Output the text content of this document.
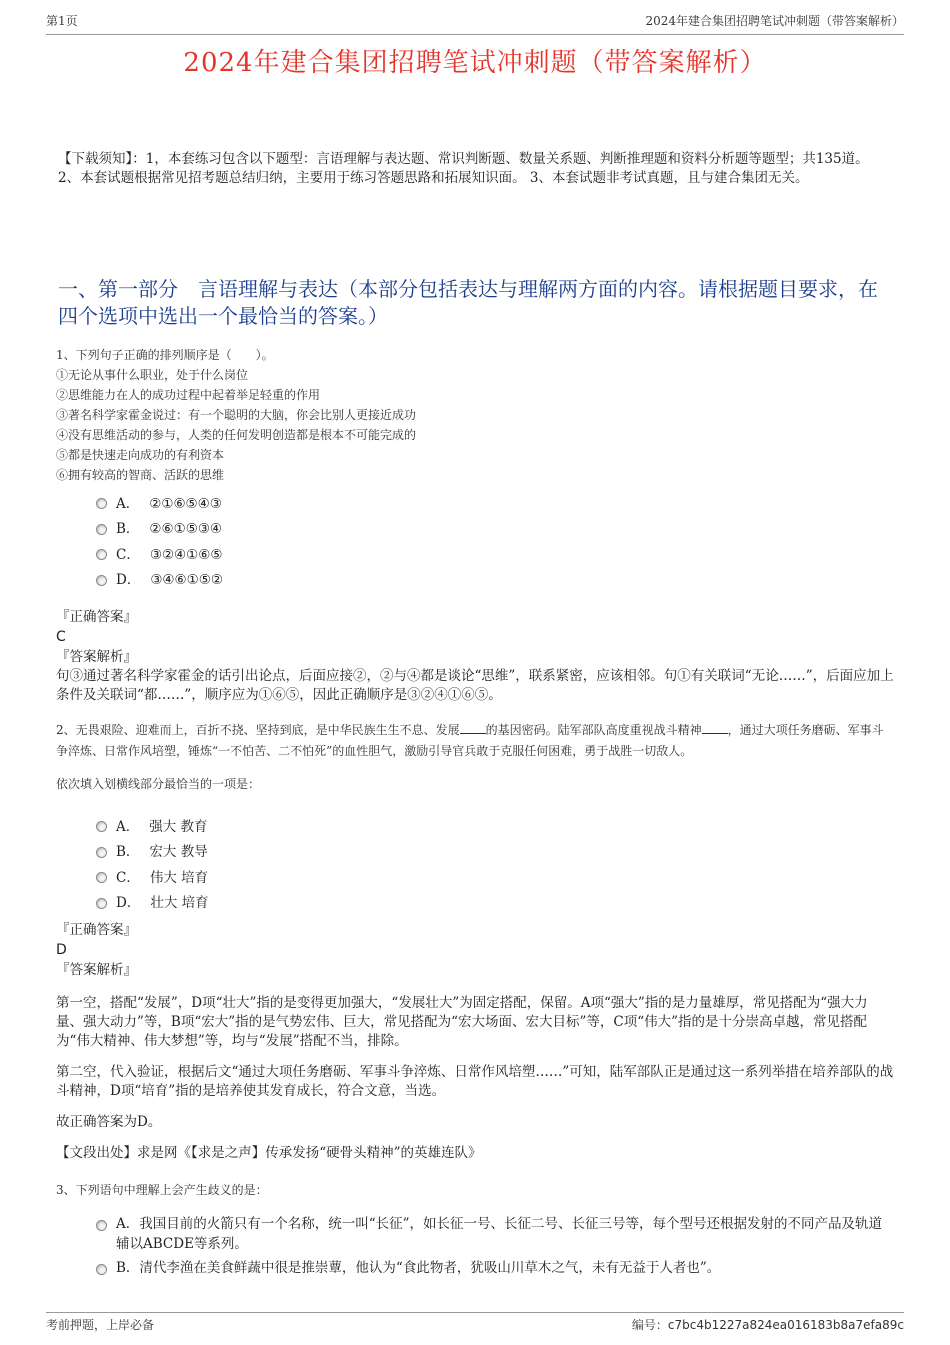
第1页	2024年建合集团招聘笔试冲刺题（带答案解析）
2024年建合集团招聘笔试冲刺题（带答案解析）
【下载须知】：1，本套练习包含以下题型：言语理解与表达题、常识判断题、数量关系题、判断推理题和资料分析题等题型；共135道。 2、本套试题根据常见招考题总结归纳，主要用于练习答题思路和拓展知识面。 3、本套试题非考试真题，且与建合集团无关。
一、第一部分　言语理解与表达（本部分包括表达与理解两方面的内容。请根据题目要求，在四个选项中选出一个最恰当的答案。）

1、下列句子正确的排列顺序是（　　）。

①无论从事什么职业，处于什么岗位

②思维能力在人的成功过程中起着举足轻重的作用

③著名科学家霍金说过：有一个聪明的大脑，你会比别人更接近成功

④没有思维活动的参与，人类的任何发明创造都是根本不可能完成的

⑤都是快速走向成功的有利资本

⑥拥有较高的智商、活跃的思维

A． ②①⑥⑤④③
B． ②⑥①⑤③④
C． ③②④①⑥⑤
D． ③④⑥①⑤②
『正确答案』
C
『答案解析』
句③通过著名科学家霍金的话引出论点，后面应接②，②与④都是谈论“思维”，联系紧密，应该相邻。句①有关联词“无论……”，后面应加上条件及关联词“都……”，顺序应为①⑥⑤，因此正确顺序是③②④①⑥⑤。

2、无畏艰险、迎难而上，百折不挠、坚持到底，是中华民族生生不息、发展 的基因密码。陆军部队高度重视战斗精神 ，通过大项任务磨砺、军事斗争淬炼、日常作风培塑，锤炼“一不怕苦、二不怕死”的血性胆气，激励引导官兵敢于克服任何困难，勇于战胜一切敌人。

依次填入划横线部分最恰当的一项是：

A． 强大 教育
B． 宏大 教导
C． 伟大 培育
D． 壮大 培育
『正确答案』
D
『答案解析』

第一空，搭配“发展”，D项“壮大”指的是变得更加强大，“发展壮大”为固定搭配，保留。A项“强大”指的是力量雄厚，常见搭配为“强大力量、强大动力”等，B项“宏大”指的是气势宏伟、巨大，常见搭配为“宏大场面、宏大目标”等，C项“伟大”指的是十分崇高卓越，常见搭配为“伟大精神、伟大梦想”等，均与“发展”搭配不当，排除。

第二空，代入验证，根据后文“通过大项任务磨砺、军事斗争淬炼、日常作风培塑……”可知，陆军部队正是通过这一系列举措在培养部队的战斗精神，D项“培育”指的是培养使其发育成长，符合文意，当选。

故正确答案为D。

【文段出处】求是网《【求是之声】传承发扬“硬骨头精神”的英雄连队》

3、下列语句中理解上会产生歧义的是：

A．我国目前的火箭只有一个名称，统一叫“长征”，如长征一号、长征二号、长征三号等，每个型号还根据发射的不同产品及轨道辅以ABCDE等系列。
B．清代李渔在美食鲜蔬中很是推崇蕈，他认为“食此物者，犹吸山川草木之气，未有无益于人者也”。
考前押题，上岸必备	编号：c7bc4b1227a824ea016183b8a7efa89c
